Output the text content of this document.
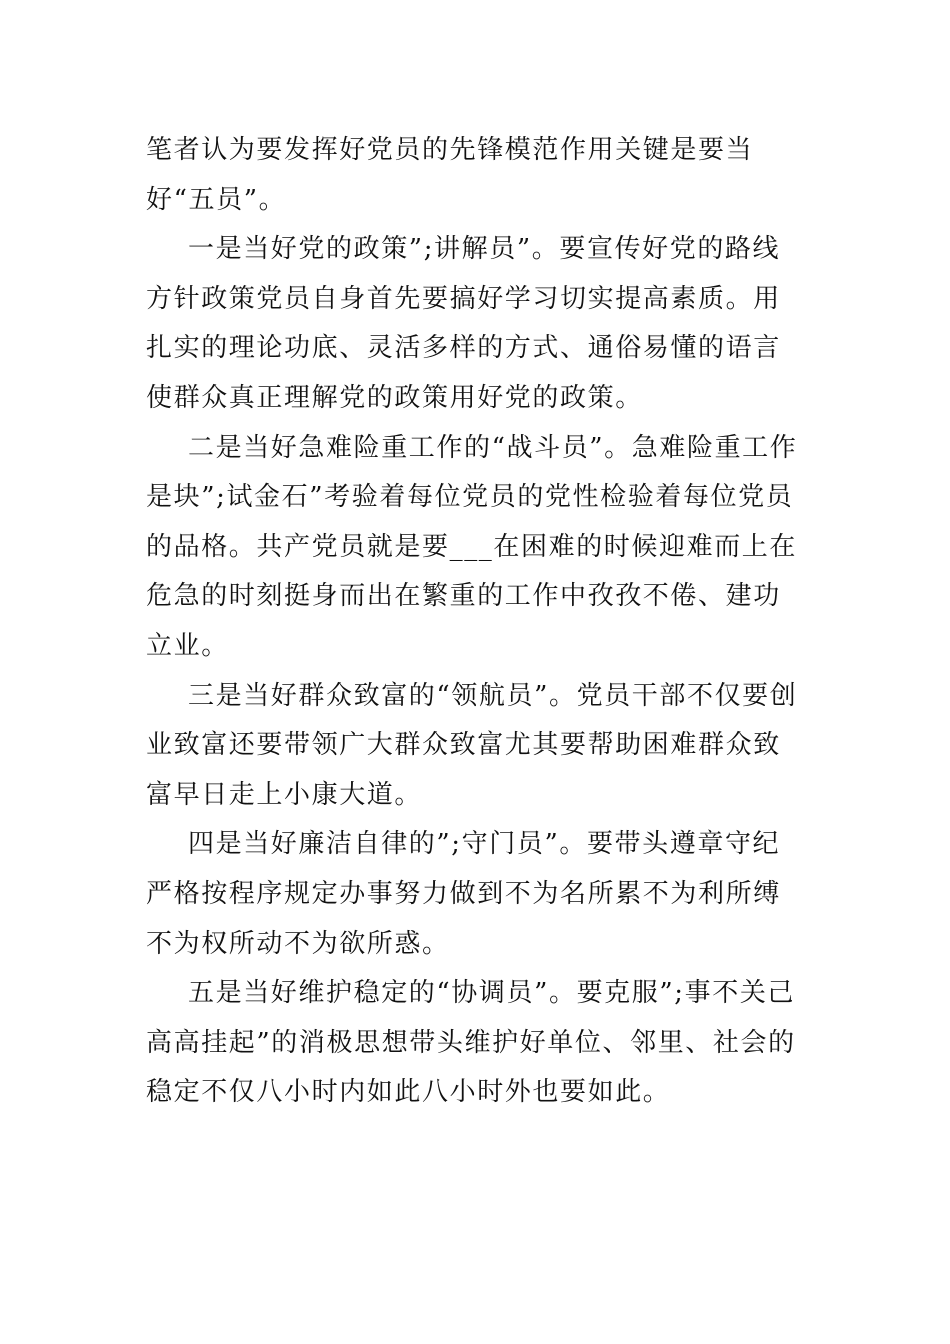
笔者认为要发挥好党员的先锋模范作用关键是要当好“五员”。

一是当好党的政策”;讲解员”。要宣传好党的路线方针政策党员自身首先要搞好学习切实提高素质。用扎实的理论功底、灵活多样的方式、通俗易懂的语言使群众真正理解党的政策用好党的政策。

二是当好急难险重工作的“战斗员”。急难险重工作是块”;试金石”考验着每位党员的党性检验着每位党员的品格。共产党员就是要___在困难的时候迎难而上在危急的时刻挺身而出在繁重的工作中孜孜不倦、建功立业。

三是当好群众致富的“领航员”。党员干部不仅要创业致富还要带领广大群众致富尤其要帮助困难群众致富早日走上小康大道。

四是当好廉洁自律的”;守门员”。要带头遵章守纪严格按程序规定办事努力做到不为名所累不为利所缚不为权所动不为欲所惑。

五是当好维护稳定的“协调员”。要克服”;事不关己高高挂起”的消极思想带头维护好单位、邻里、社会的稳定不仅八小时内如此八小时外也要如此。
